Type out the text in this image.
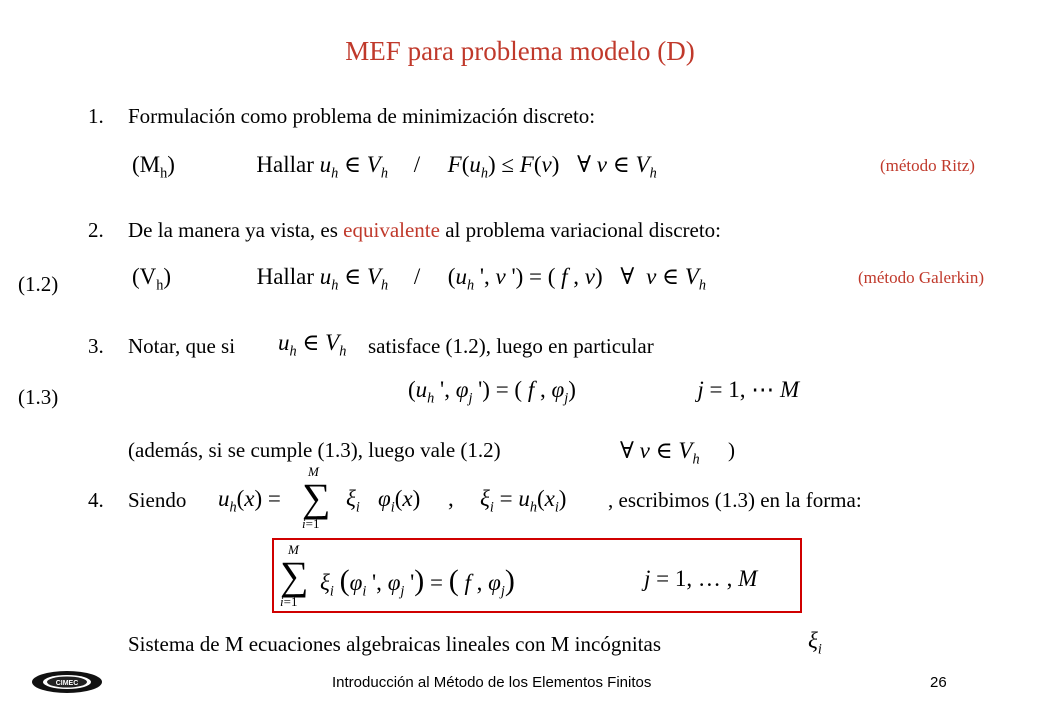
MEF para problema modelo (D)
1. Formulación como problema de minimización discreto:
$(M_h)$	Hallar $u_h$ ∈ $V_h / F(u_h) \le F(v)$ ∀ v ∈ $V_h$	(método Ritz)
2. De la manera ya vista, es equivalente al problema variacional discreto:
(1.2)	$(V_h)$	Hallar $u_h$ ∈ $V_h / (u_h$ ', v ') = ( f , v) ∀ v ∈ $V_h$	(método Galerkin)
3. Notar, que si $u_h$ ∈ $V_h$ satisface (1.2), luego en particular
(1.3)	($u_h$ ', $\varphi_j$ ') = ( f , $\varphi_j$)	j = 1, ⋯ M
(además, si se cumple (1.3), luego vale (1.2)	∀ v ∈ $V_h$ )
4. Siendo $u_h(x)$ =
M
∑
i=1
$\xi_i$ $\varphi_i(x)$ , $\xi_i = u_h(x_i)$ , escribimos (1.3) en la forma:
M
∑
i=1
$\xi_i$ ($\varphi_i$ ', $\varphi_j$ ') = ( f , $\varphi_j$)	j = 1, … , M
Sistema de M ecuaciones algebraicas lineales con M incógnitas	$\xi_i$
CIMEC	Introducción al Método de los Elementos Finitos	26
